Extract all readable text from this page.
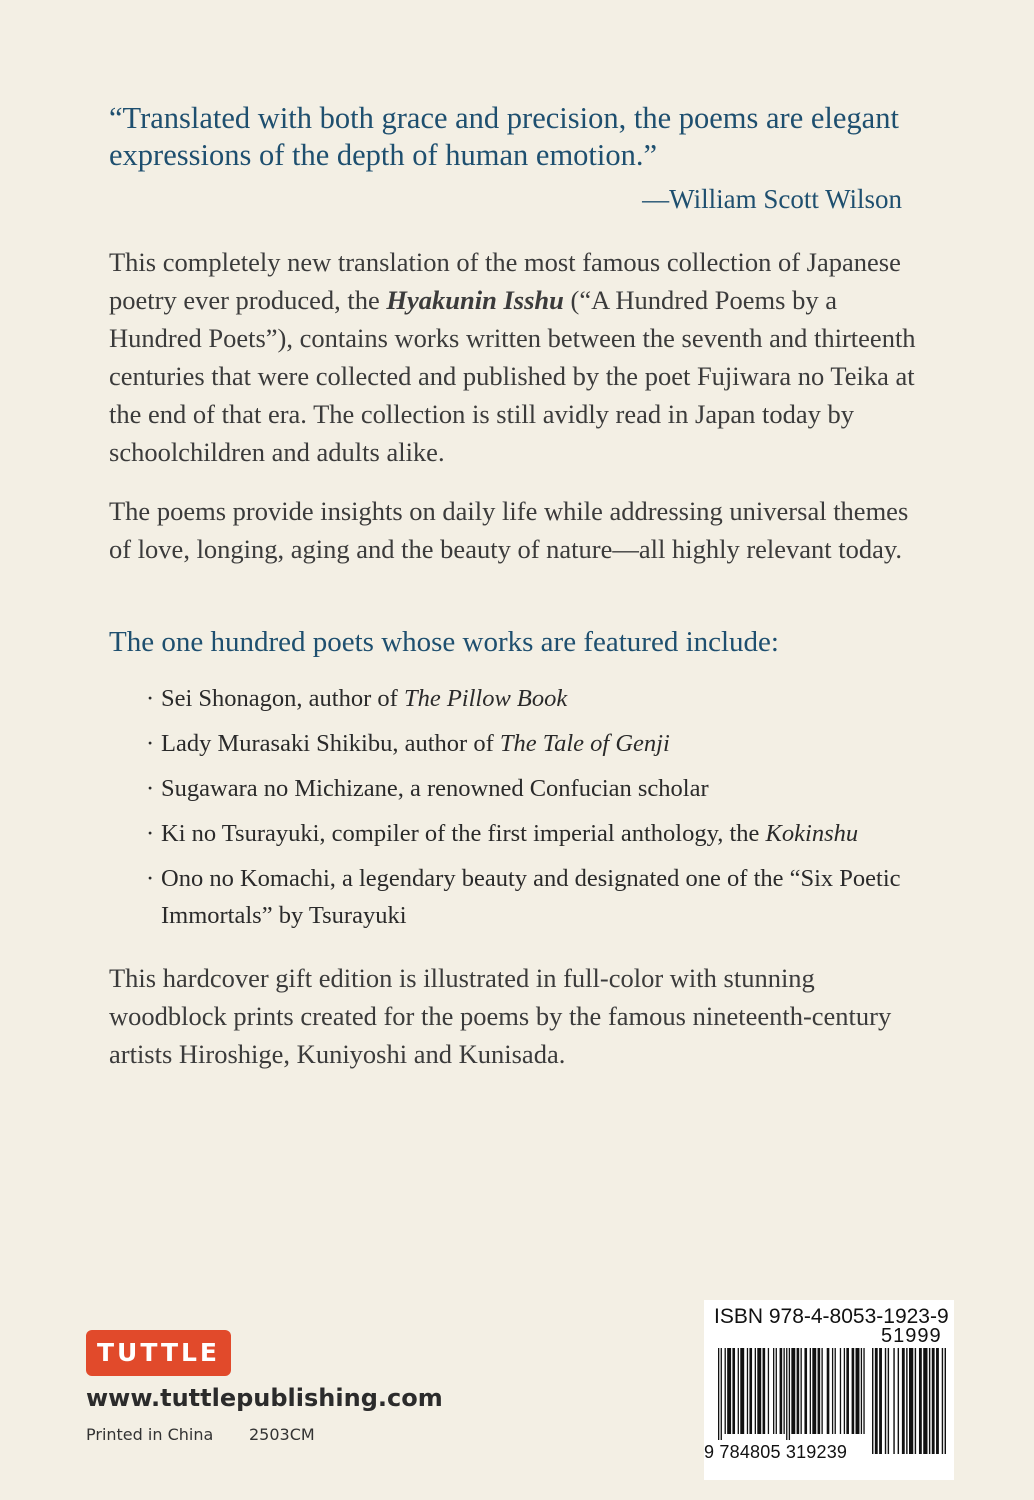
“Translated with both grace and precision, the poems are elegant expressions of the depth of human emotion.”

—William Scott Wilson

This completely new translation of the most famous collection of Japanese poetry ever produced, the Hyakunin Isshu (“A Hundred Poems by a Hundred Poets”), contains works written between the seventh and thirteenth centuries that were collected and published by the poet Fujiwara no Teika at the end of that era. The collection is still avidly read in Japan today by schoolchildren and adults alike.

The poems provide insights on daily life while addressing universal themes of love, longing, aging and the beauty of nature—all highly relevant today.

The one hundred poets whose works are featured include:
· Sei Shonagon, author of The Pillow Book
· Lady Murasaki Shikibu, author of The Tale of Genji
· Sugawara no Michizane, a renowned Confucian scholar
· Ki no Tsurayuki, compiler of the first imperial anthology, the Kokinshu
· Ono no Komachi, a legendary beauty and designated one of the “Six Poetic Immortals” by Tsurayuki

This hardcover gift edition is illustrated in full-color with stunning woodblock prints created for the poems by the famous nineteenth-century artists Hiroshige, Kuniyoshi and Kunisada.

TUTTLE

www.tuttlepublishing.com

Printed in China 2503CM

ISBN 978-4-8053-1923-9

51999

9 784805 319239
